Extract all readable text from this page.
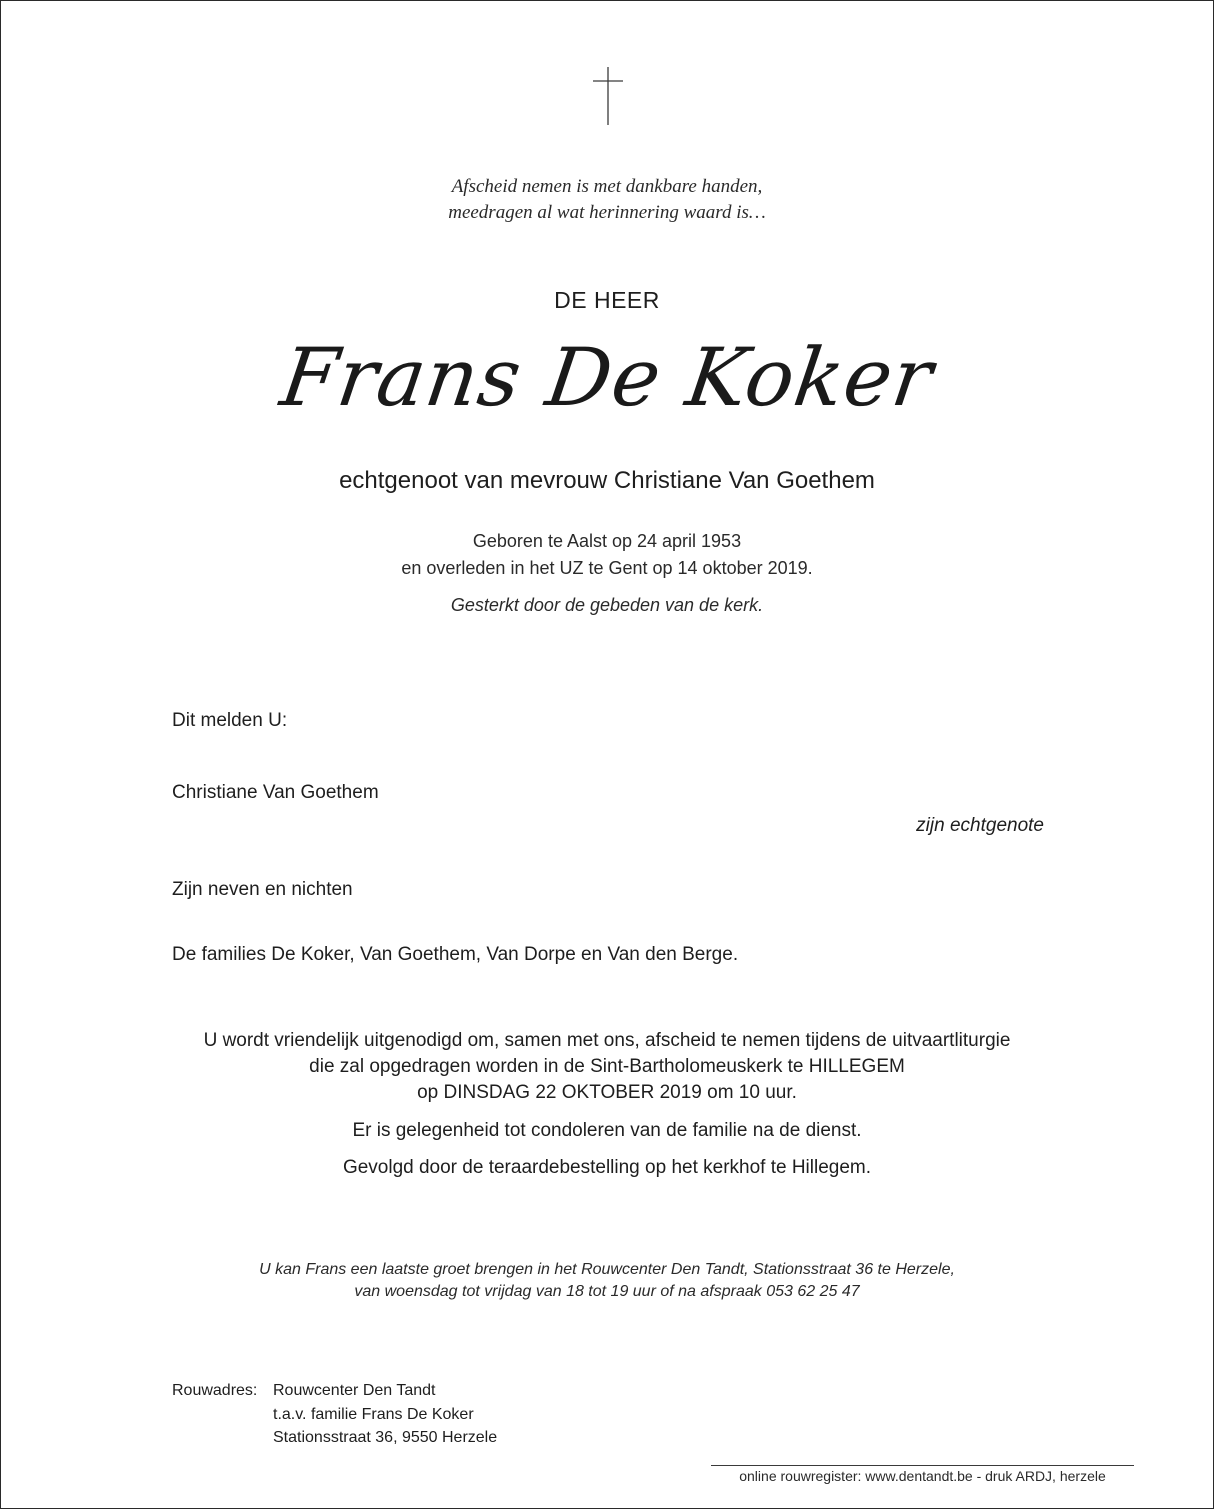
Afscheid nemen is met dankbare handen,
meedragen al wat herinnering waard is…
DE HEER
Frans De Koker
echtgenoot van mevrouw Christiane Van Goethem
Geboren te Aalst op 24 april 1953
en overleden in het UZ te Gent op 14 oktober 2019.
Gesterkt door de gebeden van de kerk.
Dit melden U:
Christiane Van Goethem
zijn echtgenote
Zijn neven en nichten
De families De Koker, Van Goethem, Van Dorpe en Van den Berge.
U wordt vriendelijk uitgenodigd om, samen met ons, afscheid te nemen tijdens de uitvaartliturgie
die zal opgedragen worden in de Sint-Bartholomeuskerk te HILLEGEM
op DINSDAG 22 OKTOBER 2019 om 10 uur.
Er is gelegenheid tot condoleren van de familie na de dienst.
Gevolgd door de teraardebestelling op het kerkhof te Hillegem.
U kan Frans een laatste groet brengen in het Rouwcenter Den Tandt, Stationsstraat 36 te Herzele,
van woensdag tot vrijdag van 18 tot 19 uur of na afspraak 053 62 25 47
Rouwadres: Rouwcenter Den Tandt
t.a.v. familie Frans De Koker
Stationsstraat 36, 9550 Herzele
online rouwregister: www.dentandt.be - druk ARDJ, herzele
